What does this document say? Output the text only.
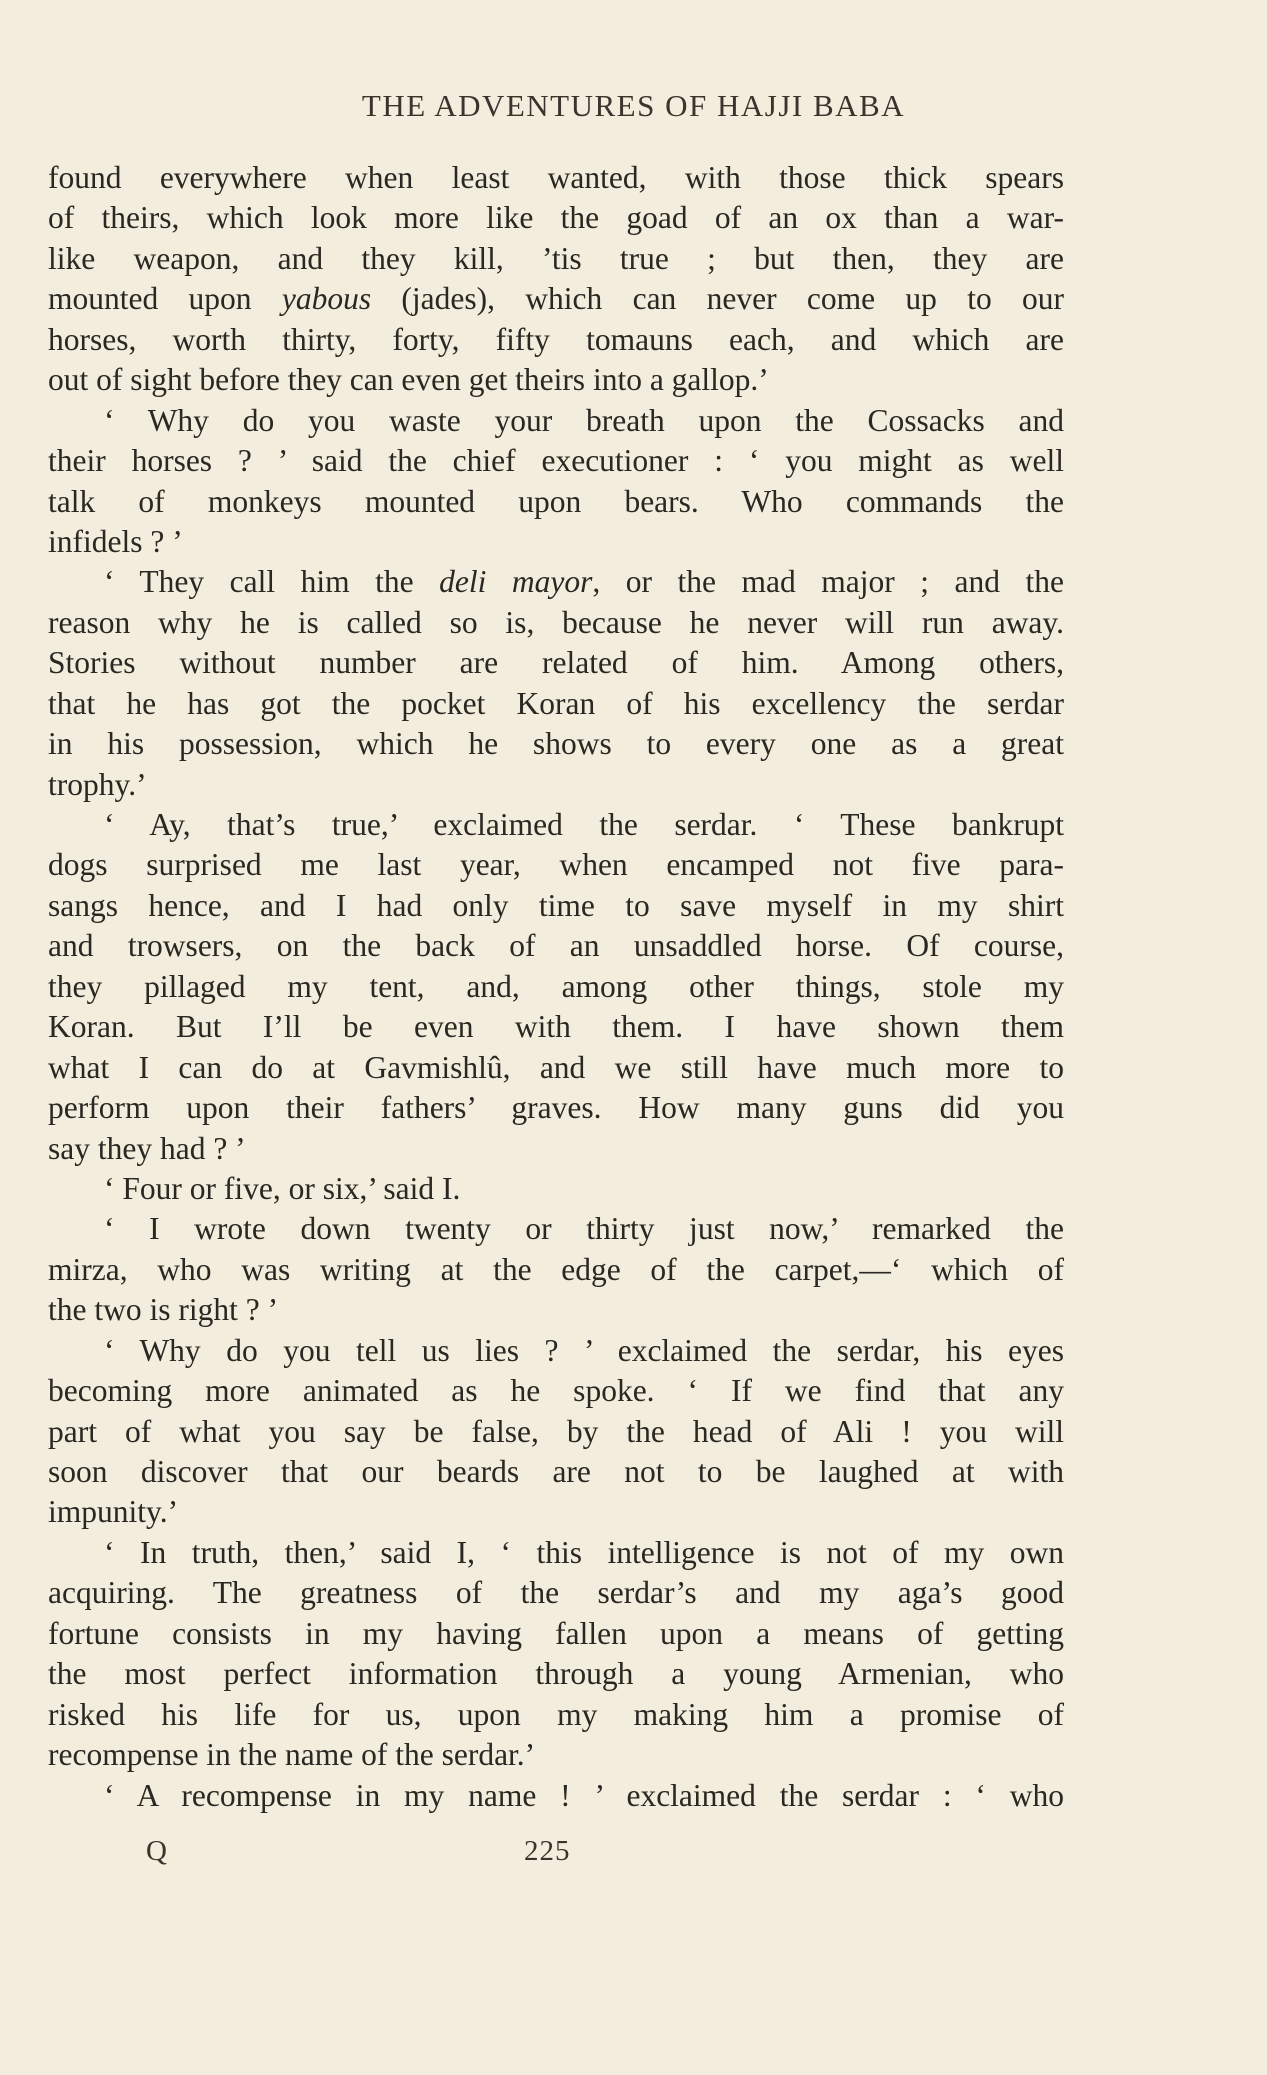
THE ADVENTURES OF HAJJI BABA
found everywhere when least wanted, with those thick spears
of theirs, which look more like the goad of an ox than a war-
like weapon, and they kill, ’tis true ; but then, they are
mounted upon yabous (jades), which can never come up to our
horses, worth thirty, forty, fifty tomauns each, and which are
out of sight before they can even get theirs into a gallop.’
‘ Why do you waste your breath upon the Cossacks and
their horses ? ’ said the chief executioner : ‘ you might as well
talk of monkeys mounted upon bears. Who commands the
infidels ? ’
‘ They call him the deli mayor, or the mad major ; and the
reason why he is called so is, because he never will run away.
Stories without number are related of him. Among others,
that he has got the pocket Koran of his excellency the serdar
in his possession, which he shows to every one as a great
trophy.’
‘ Ay, that’s true,’ exclaimed the serdar. ‘ These bankrupt
dogs surprised me last year, when encamped not five para-
sangs hence, and I had only time to save myself in my shirt
and trowsers, on the back of an unsaddled horse. Of course,
they pillaged my tent, and, among other things, stole my
Koran. But I’ll be even with them. I have shown them
what I can do at Gavmishlû, and we still have much more to
perform upon their fathers’ graves. How many guns did you
say they had ? ’
‘ Four or five, or six,’ said I.
‘ I wrote down twenty or thirty just now,’ remarked the
mirza, who was writing at the edge of the carpet,—‘ which of
the two is right ? ’
‘ Why do you tell us lies ? ’ exclaimed the serdar, his eyes
becoming more animated as he spoke. ‘ If we find that any
part of what you say be false, by the head of Ali ! you will
soon discover that our beards are not to be laughed at with
impunity.’
‘ In truth, then,’ said I, ‘ this intelligence is not of my own
acquiring. The greatness of the serdar’s and my aga’s good
fortune consists in my having fallen upon a means of getting
the most perfect information through a young Armenian, who
risked his life for us, upon my making him a promise of
recompense in the name of the serdar.’
‘ A recompense in my name ! ’ exclaimed the serdar : ‘ who
Q	225
